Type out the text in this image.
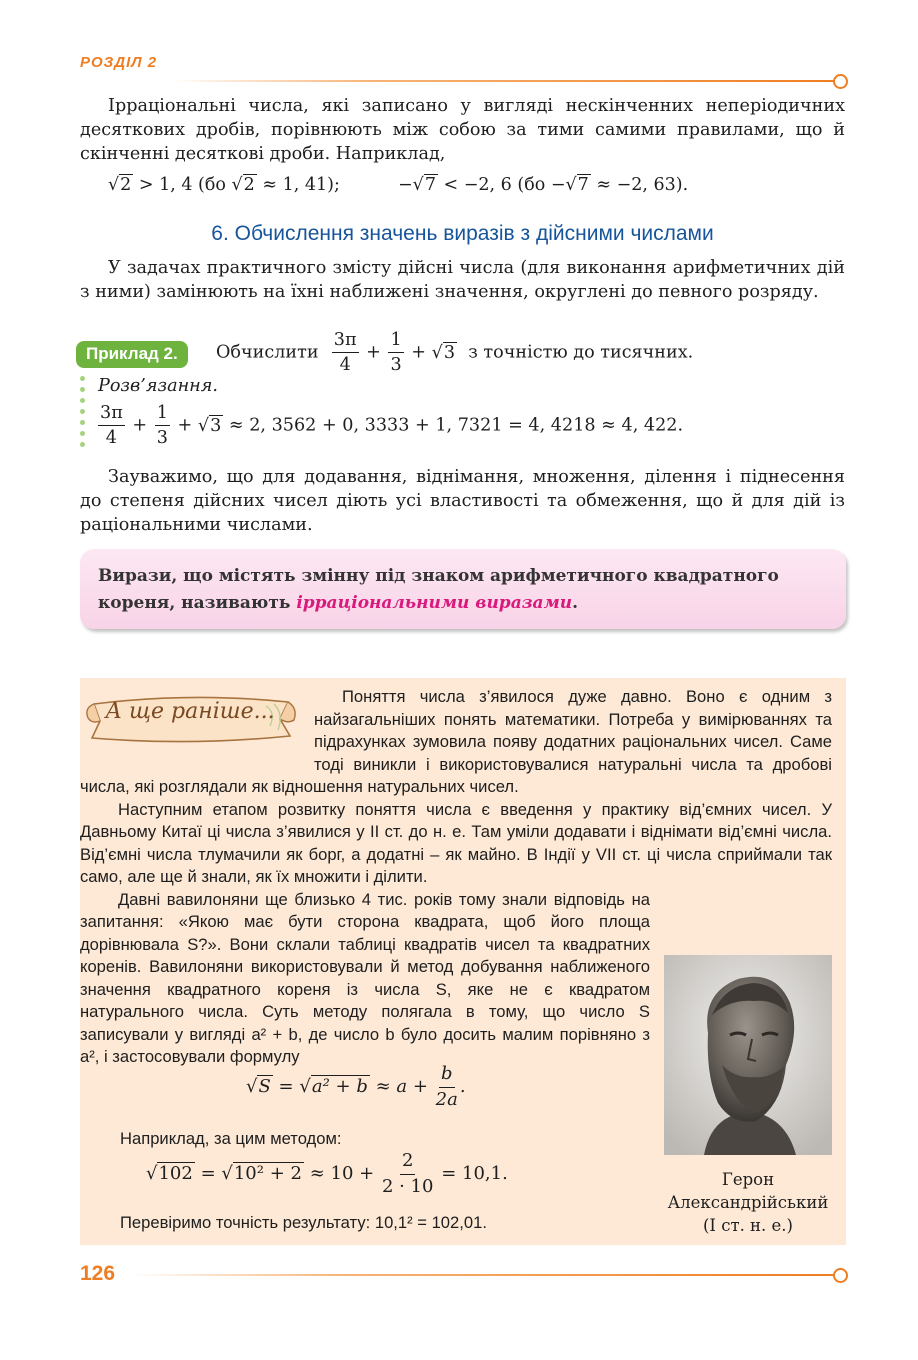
РОЗДІЛ 2

Ірраціональні числа, які записано у вигляді нескінченних неперіодичних десяткових дробів, порівнюють між собою за тими самими правилами, що й скінченні десяткові дроби. Наприклад,

√2 > 1, 4 (бо √2 ≈ 1, 41);	−√7 < −2, 6 (бо −√7 ≈ −2, 63).
6. Обчислення значень виразів з дійсними числами

У задачах практичного змісту дійсні числа (для виконання арифметичних дій з ними) замінюють на їхні наближені значення, округлені до певного розряду.

Приклад 2.	Обчислити $\frac{3\pi}{4} + \frac{1}{3} + √3$ з точністю до тисячних.
Розв’язання.
$\frac{3\pi}{4} + \frac{1}{3} + √3 \approx 2$, 3562 + 0, 3333 + 1, 7321 = 4, 4218 ≈ 4, 422.

Зауважимо, що для додавання, віднімання, множення, ділення і піднесення до степеня дійсних чисел діють усі властивості та обмеження, що й для дій із раціональними числами.

Вирази, що містять змінну під знаком арифметичного квадратного кореня, називають ірраціональними виразами.
А ще раніше...

Поняття числа з’явилося дуже давно. Воно є одним з найзагальніших понять математики. Потреба у вимірюваннях та підрахунках зумовила появу додатних раціональних чисел. Саме тоді виникли і використовувалися натуральні числа та дробові числа, які розглядали як відношення натуральних чисел.

Наступним етапом розвитку поняття числа є введення у практику від’ємних чисел. У Давньому Китаї ці числа з’явилися у II ст. до н. е. Там уміли додавати і віднімати від’ємні числа. Від’ємні числа тлумачили як борг, а додатні – як майно. В Індії у VII ст. ці числа сприймали так само, але ще й знали, як їх множити і ділити.

Давні вавилоняни ще близько 4 тис. років тому знали відповідь на запитання: «Якою має бути сторона квадрата, щоб його площа дорівнювала S?». Вони склали таблиці квадратів чисел та квадратних коренів. Вавилоняни використовували й метод добування наближеного значення квадратного кореня із числа S, яке не є квадратом натурального числа. Суть методу полягала в тому, що число S записували у вигляді a² + b, де число b було досить малим порівняно з a², і застосовували формулу

$√S = √a^2 + b \approx a + \frac{b}{2a}$ .
Наприклад, за цим методом:
$√102 = √10^2 + 2 \approx 10 + \frac{2}{2 \cdot 10} = 10,1$.
Перевіримо точність результату: 10,1² = 102,01.
Герон
Александрійський
(I ст. н. е.)
126
